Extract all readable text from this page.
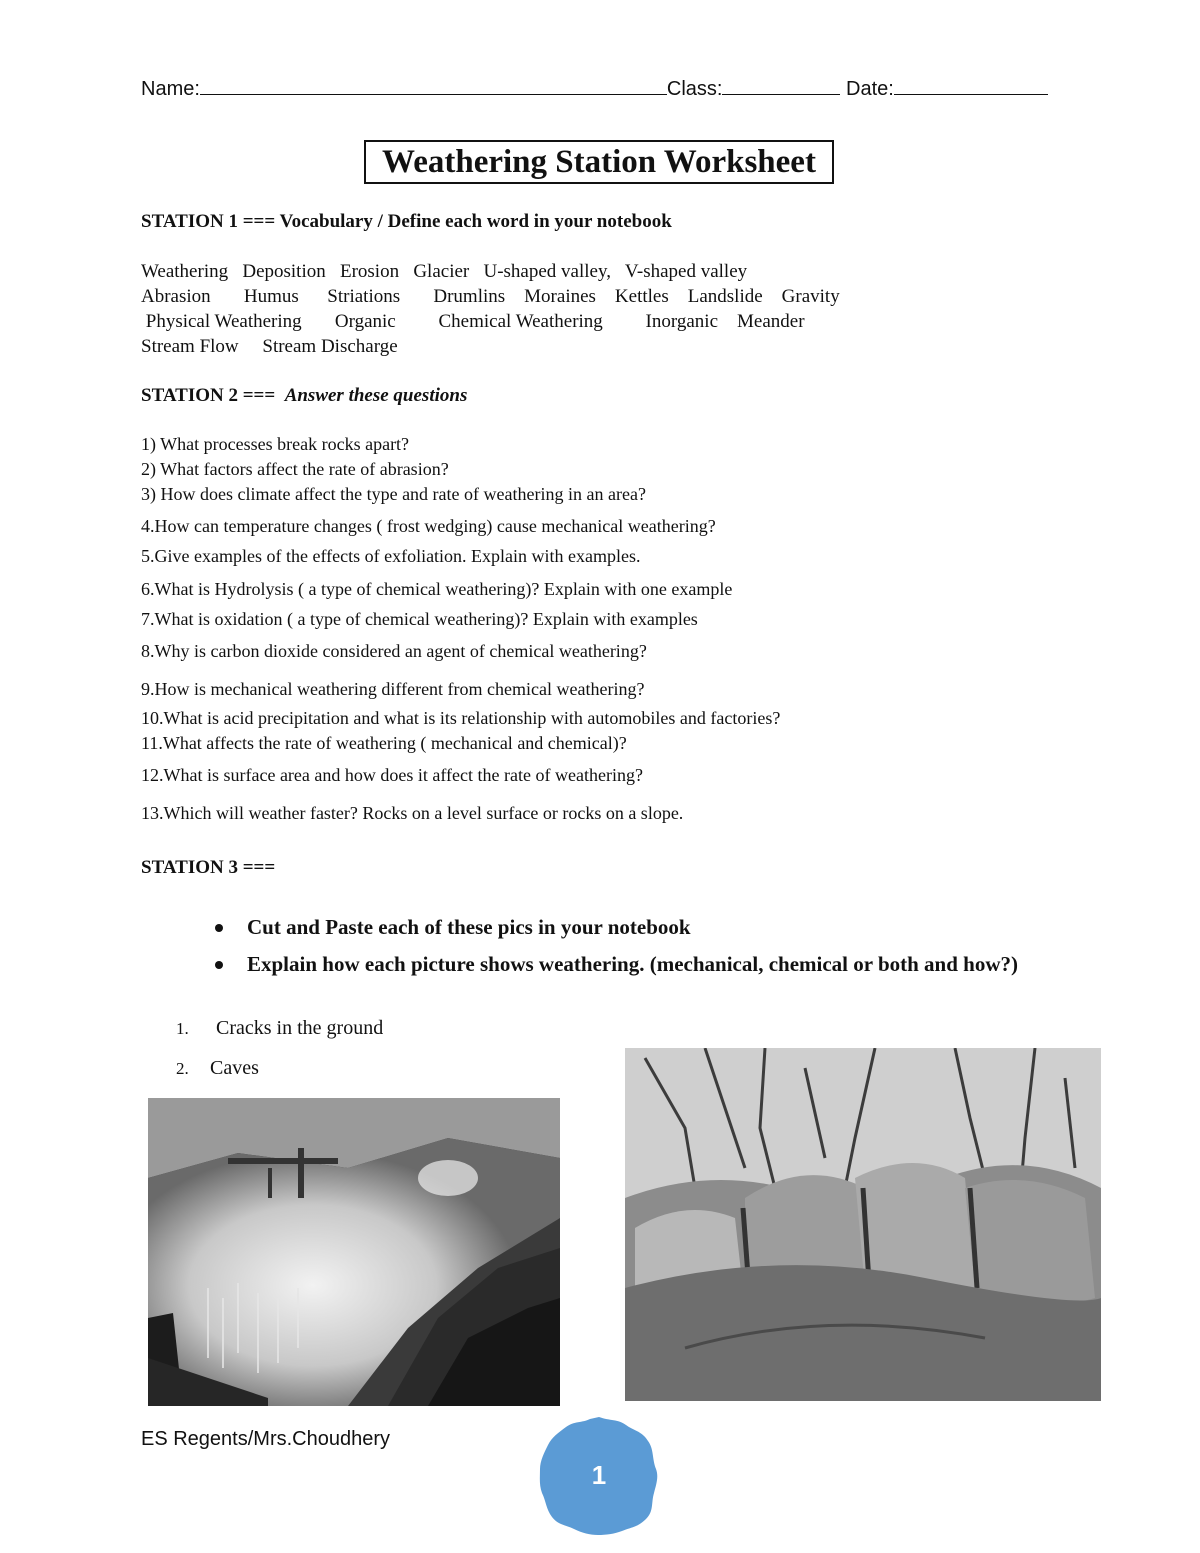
Name:	Class:	Date:
Weathering Station Worksheet
STATION 1 === Vocabulary / Define each word in your notebook
Weathering   Deposition   Erosion   Glacier   U-shaped valley,   V-shaped valley
Abrasion       Humus      Striations       Drumlins    Moraines    Kettles    Landslide    Gravity
Physical Weathering       Organic         Chemical Weathering         Inorganic    Meander
Stream Flow     Stream Discharge
STATION 2 ===  Answer these questions
1) What processes break rocks apart?
2) What factors affect the rate of abrasion?
3) How does climate affect the type and rate of weathering in an area?
4.How can temperature changes ( frost wedging) cause mechanical weathering?
5.Give examples of the effects of exfoliation. Explain with examples.
6.What is Hydrolysis ( a type of chemical weathering)? Explain with one example
7.What is oxidation ( a type of chemical weathering)? Explain with examples
8.Why is carbon dioxide considered an agent of chemical weathering?
9.How is mechanical weathering different from chemical weathering?
10.What is acid precipitation and what is its relationship with automobiles and factories?
11.What affects the rate of weathering ( mechanical and chemical)?
12.What is surface area and how does it affect the rate of weathering?
13.Which will weather faster? Rocks on a level surface or rocks on a slope.
STATION 3 ===
Cut and Paste each of these pics in your notebook
Explain how each picture shows weathering. (mechanical, chemical or both and how?)
1. Cracks in the ground
2. Caves
ES Regents/Mrs.Choudhery
1
